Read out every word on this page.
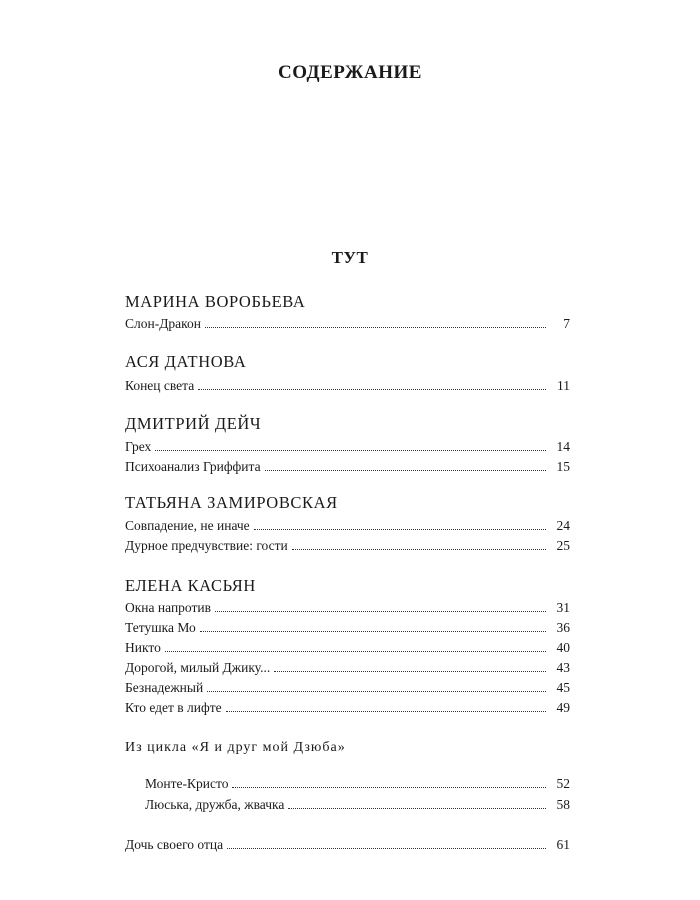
СОДЕРЖАНИЕ
ТУТ
МАРИНА ВОРОБЬЕВА
Слон-Дракон	7
АСЯ ДАТНОВА
Конец света	11
ДМИТРИЙ ДЕЙЧ
Грех	14
Психоанализ Гриффита	15
ТАТЬЯНА ЗАМИРОВСКАЯ
Совпадение, не иначе	24
Дурное предчувствие: гости	25
ЕЛЕНА КАСЬЯН
Окна напротив	31
Тетушка Мо	36
Никто	40
Дорогой, милый Джику...	43
Безнадежный	45
Кто едет в лифте	49
Из цикла «Я и друг мой Дзюба»
Монте-Кристо	52
Люська, дружба, жвачка	58
Дочь своего отца	61
